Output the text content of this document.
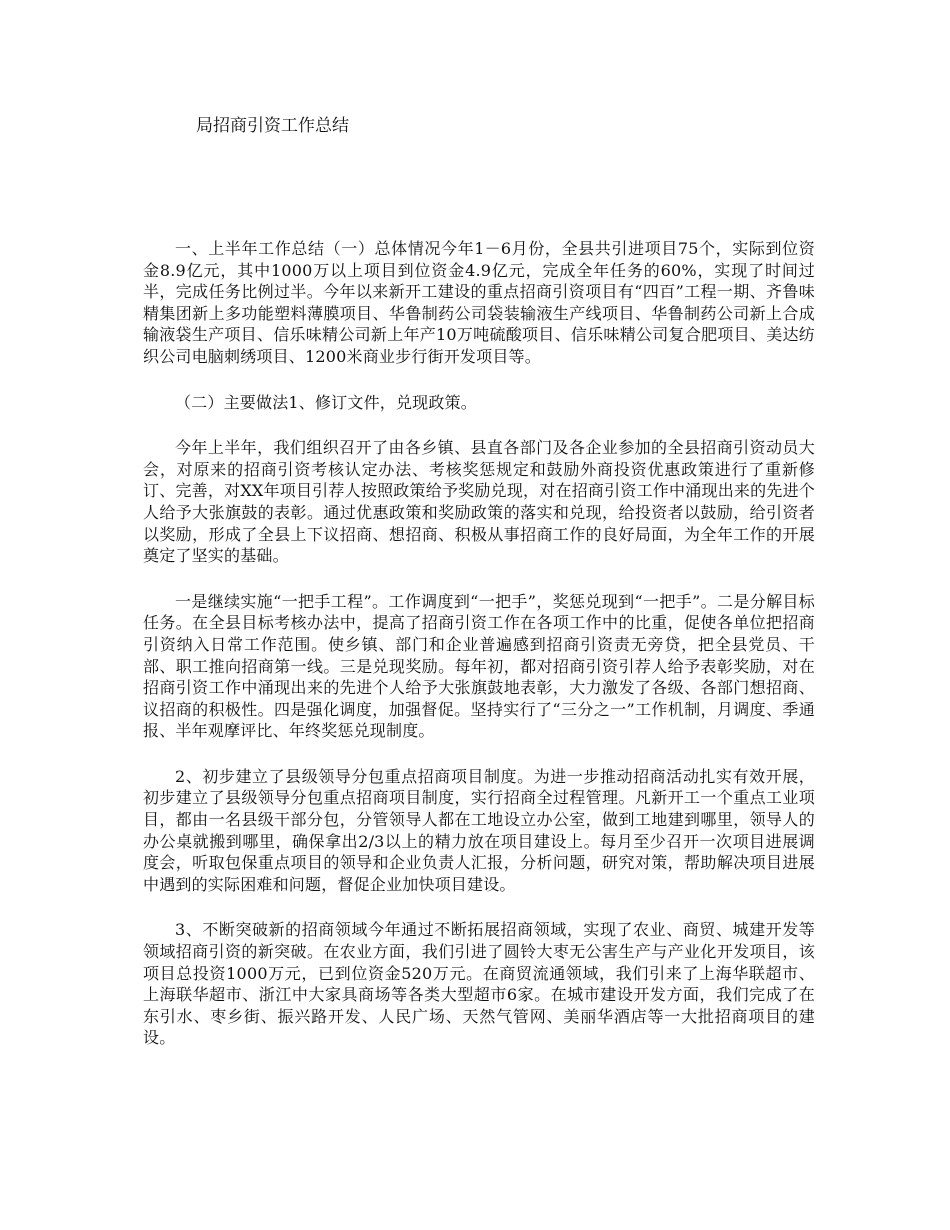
局招商引资工作总结

一、上半年工作总结（一）总体情况今年1－6月份，全县共引进项目75个，实际到位资金8.9亿元，其中1000万以上项目到位资金4.9亿元，完成全年任务的60%，实现了时间过半，完成任务比例过半。今年以来新开工建设的重点招商引资项目有“四百”工程一期、齐鲁味精集团新上多功能塑料薄膜项目、华鲁制药公司袋装输液生产线项目、华鲁制药公司新上合成输液袋生产项目、信乐味精公司新上年产10万吨硫酸项目、信乐味精公司复合肥项目、美达纺织公司电脑刺绣项目、1200米商业步行街开发项目等。

（二）主要做法1、修订文件，兑现政策。

今年上半年，我们组织召开了由各乡镇、县直各部门及各企业参加的全县招商引资动员大会，对原来的招商引资考核认定办法、考核奖惩规定和鼓励外商投资优惠政策进行了重新修订、完善，对XX年项目引荐人按照政策给予奖励兑现，对在招商引资工作中涌现出来的先进个人给予大张旗鼓的表彰。通过优惠政策和奖励政策的落实和兑现，给投资者以鼓励，给引资者以奖励，形成了全县上下议招商、想招商、积极从事招商工作的良好局面，为全年工作的开展奠定了坚实的基础。

一是继续实施“一把手工程”。工作调度到“一把手”，奖惩兑现到“一把手”。二是分解目标任务。在全县目标考核办法中，提高了招商引资工作在各项工作中的比重，促使各单位把招商引资纳入日常工作范围。使乡镇、部门和企业普遍感到招商引资责无旁贷，把全县党员、干部、职工推向招商第一线。三是兑现奖励。每年初，都对招商引资引荐人给予表彰奖励，对在招商引资工作中涌现出来的先进个人给予大张旗鼓地表彰，大力激发了各级、各部门想招商、议招商的积极性。四是强化调度，加强督促。坚持实行了“三分之一”工作机制，月调度、季通报、半年观摩评比、年终奖惩兑现制度。

2、初步建立了县级领导分包重点招商项目制度。为进一步推动招商活动扎实有效开展，初步建立了县级领导分包重点招商项目制度，实行招商全过程管理。凡新开工一个重点工业项目，都由一名县级干部分包，分管领导人都在工地设立办公室，做到工地建到哪里，领导人的办公桌就搬到哪里，确保拿出2/3以上的精力放在项目建设上。每月至少召开一次项目进展调度会，听取包保重点项目的领导和企业负责人汇报，分析问题，研究对策，帮助解决项目进展中遇到的实际困难和问题，督促企业加快项目建设。

3、不断突破新的招商领域今年通过不断拓展招商领域，实现了农业、商贸、城建开发等领域招商引资的新突破。在农业方面，我们引进了圆铃大枣无公害生产与产业化开发项目，该项目总投资1000万元，已到位资金520万元。在商贸流通领域，我们引来了上海华联超市、上海联华超市、浙江中大家具商场等各类大型超市6家。在城市建设开发方面，我们完成了在东引水、枣乡街、振兴路开发、人民广场、天然气管网、美丽华酒店等一大批招商项目的建设。
